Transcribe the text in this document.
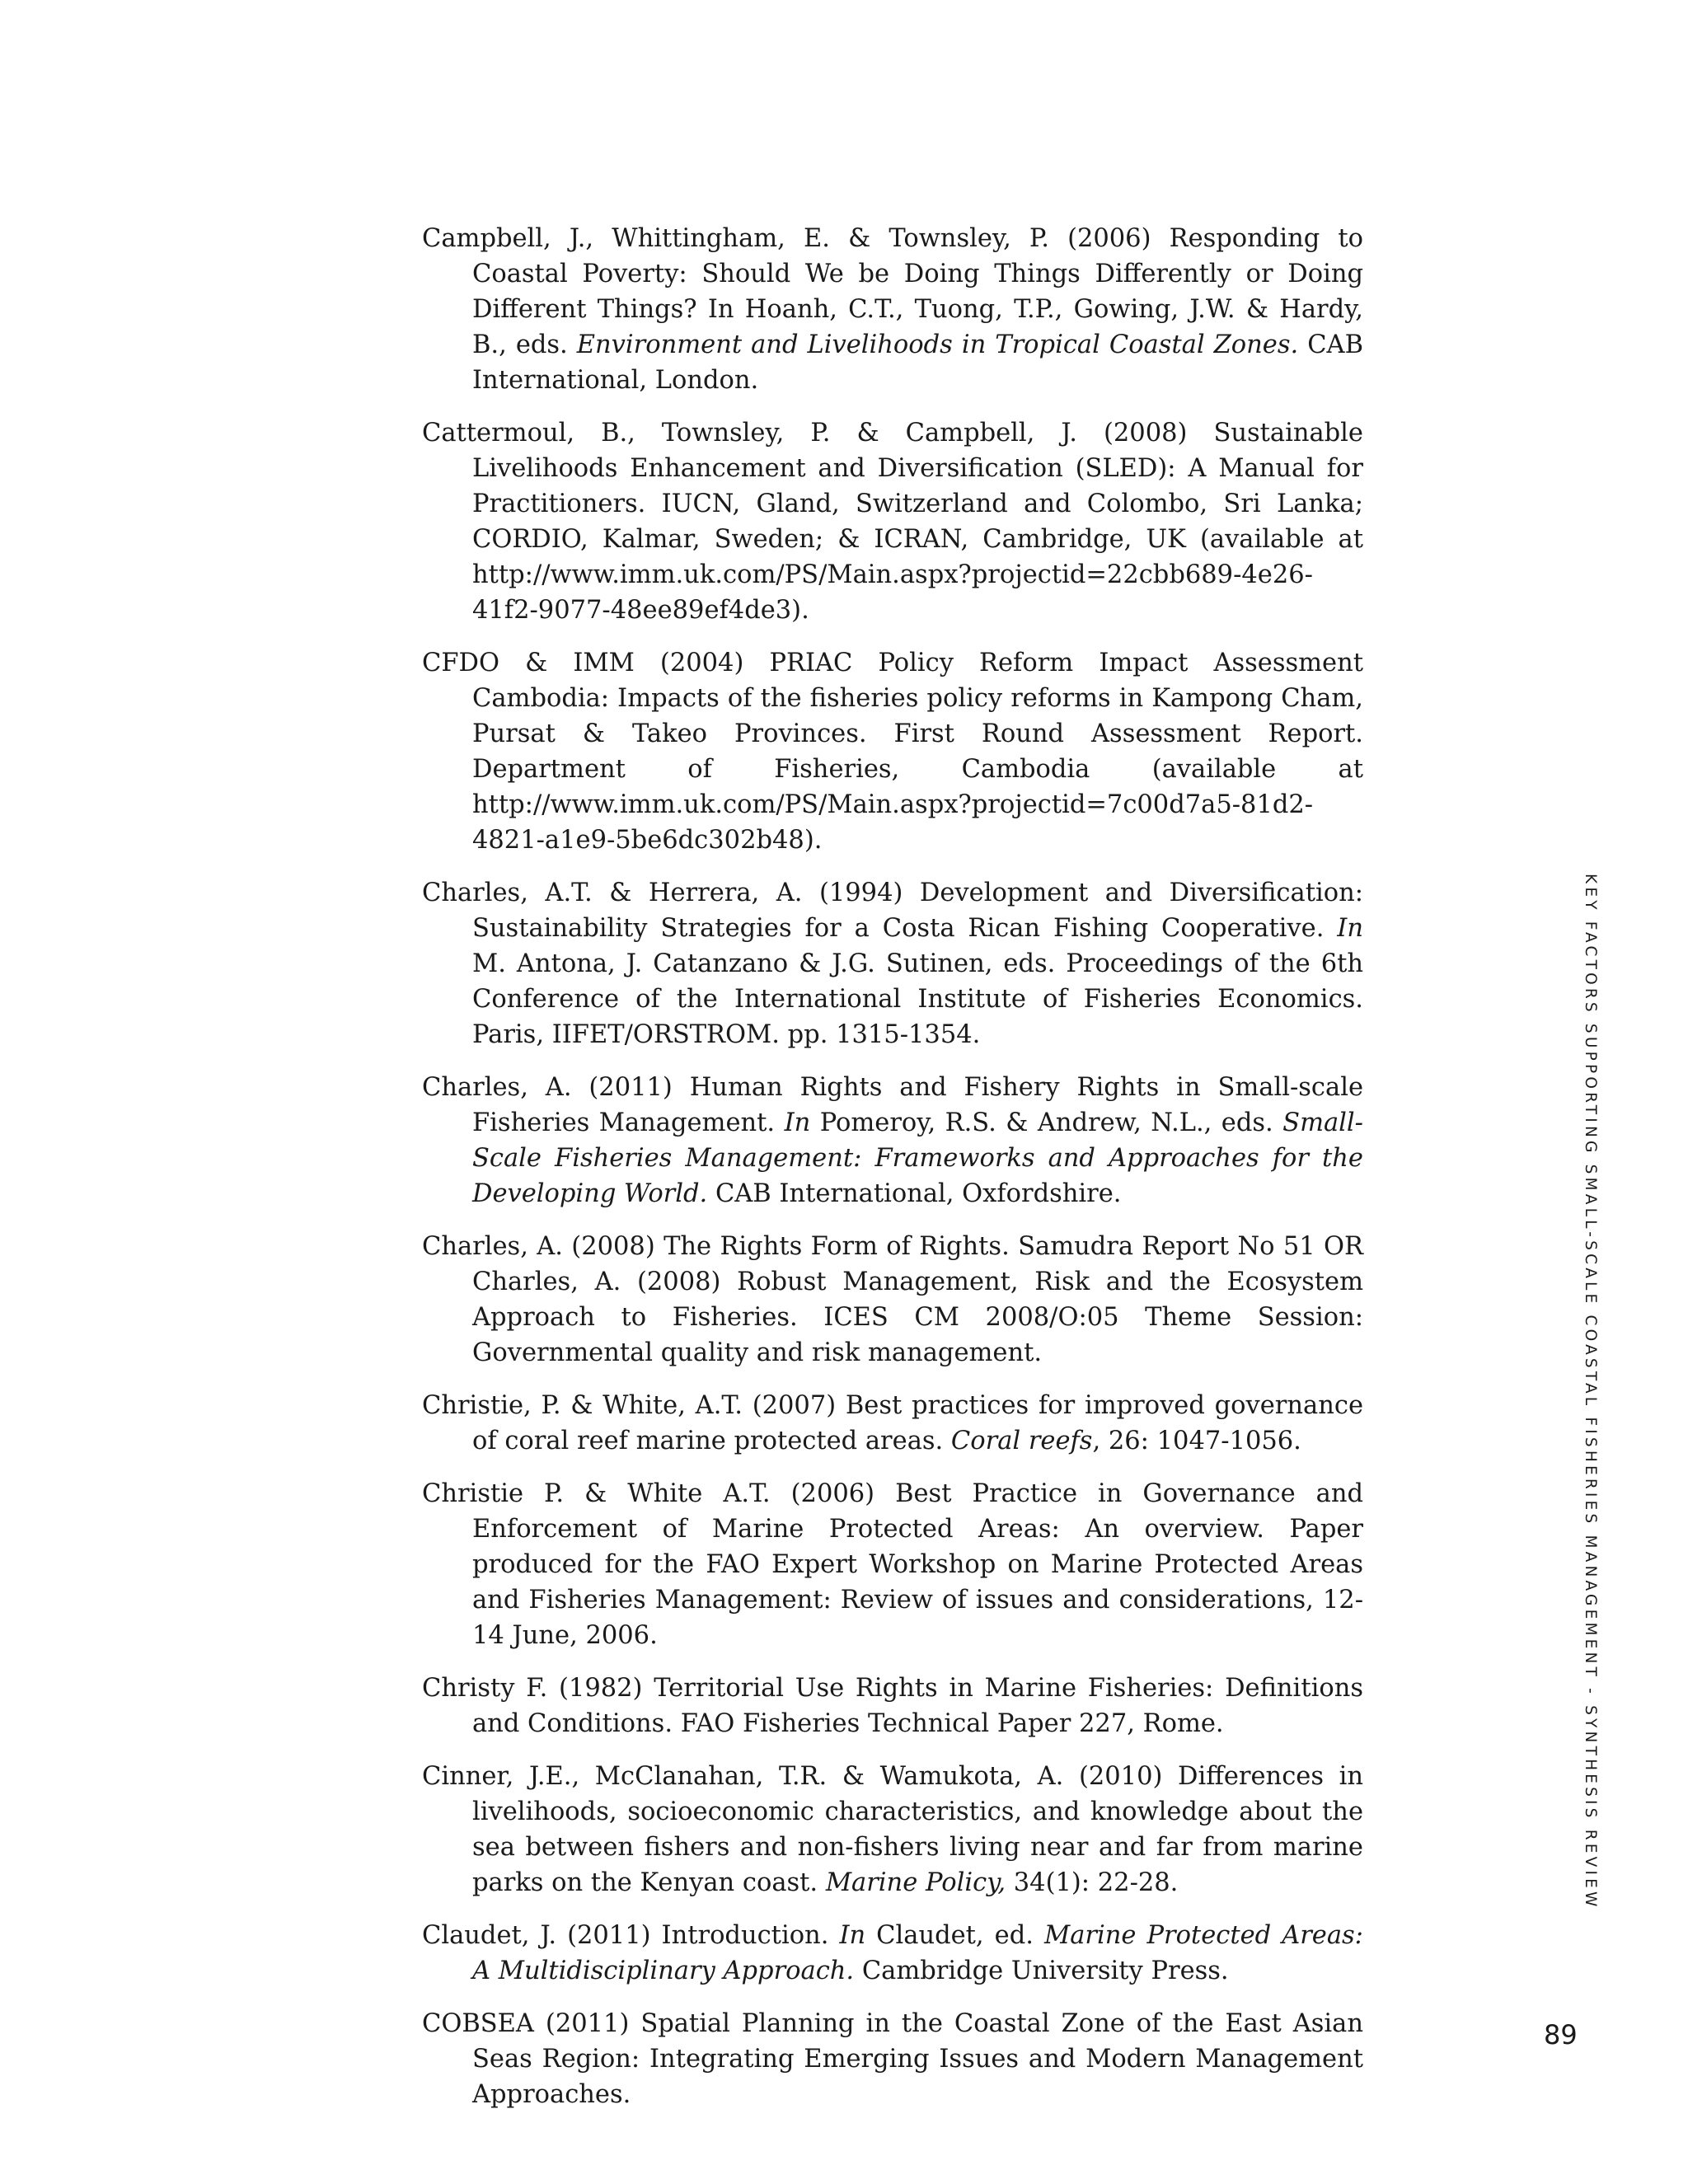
Campbell, J., Whittingham, E. & Townsley, P. (2006) Responding to Coastal Poverty: Should We be Doing Things Differently or Doing Different Things? In Hoanh, C.T., Tuong, T.P., Gowing, J.W. & Hardy, B., eds. Environment and Livelihoods in Tropical Coastal Zones. CAB International, London.

Cattermoul, B., Townsley, P. & Campbell, J. (2008) Sustainable Livelihoods Enhancement and Diversification (SLED): A Manual for Practitioners. IUCN, Gland, Switzerland and Colombo, Sri Lanka; CORDIO, Kalmar, Sweden; & ICRAN, Cambridge, UK (available at http://www.imm.uk.com/PS/Main.​aspx?projectid=22cbb689-4e26-41f2-9077-48ee89ef4de3).

CFDO & IMM (2004) PRIAC Policy Reform Impact Assessment Cambodia: Impacts of the fisheries policy reforms in Kampong Cham, Pursat & Takeo Provinces. First Round Assessment Report. Department of Fisheries, Cambodia (available at http://www.imm.uk.com/PS/Main.aspx?projectid=7c00d7a5-81d2-4821-a1e9-​5be6dc302b48).

Charles, A.T. & Herrera, A. (1994) Development and Diversification: Sustainability Strategies for a Costa Rican Fishing Cooperative. In M. Antona, J. Catanzano & J.G. Sutinen, eds. Proceedings of the 6th Conference of the International Institute of Fisheries Economics. Paris, IIFET/ORSTROM. pp. 1315-1354.

Charles, A. (2011) Human Rights and Fishery Rights in Small-scale Fisheries Management. In Pomeroy, R.S. & Andrew, N.L., eds. Small-Scale Fisheries Management: Frameworks and Approaches for the Developing World. CAB International, Oxfordshire.

Charles, A. (2008) The Rights Form of Rights. Samudra Report No 51 OR Charles, A. (2008) Robust Management, Risk and the Ecosystem Approach to Fisheries. ICES CM 2008/O:05 Theme Session: Governmental quality and risk management.

Christie, P. & White, A.T. (2007) Best practices for improved governance of coral reef marine protected areas. Coral reefs, 26: 1047-1056.

Christie P. & White A.T. (2006) Best Practice in Governance and Enforcement of Marine Protected Areas: An overview. Paper produced for the FAO Expert Workshop on Marine Protected Areas and Fisheries Management: Review of issues and considerations, 12-14 June, 2006.

Christy F. (1982) Territorial Use Rights in Marine Fisheries: Definitions and Conditions. FAO Fisheries Technical Paper 227, Rome.

Cinner, J.E., McClanahan, T.R. & Wamukota, A. (2010) Differences in livelihoods, socioeconomic characteristics, and knowledge about the sea between fishers and non-fishers living near and far from marine parks on the Kenyan coast. Marine Policy, 34(1): 22-28.

Claudet, J. (2011) Introduction. In Claudet, ed. Marine Protected Areas: A Multidisciplinary Approach. Cambridge University Press.

COBSEA (2011) Spatial Planning in the Coastal Zone of the East Asian Seas Region: Integrating Emerging Issues and Modern Management Approaches.

KEY FACTORS SUPPORTING SMALL-SCALE COASTAL FISHERIES MANAGEMENT - SYNTHESIS REVIEW
89
